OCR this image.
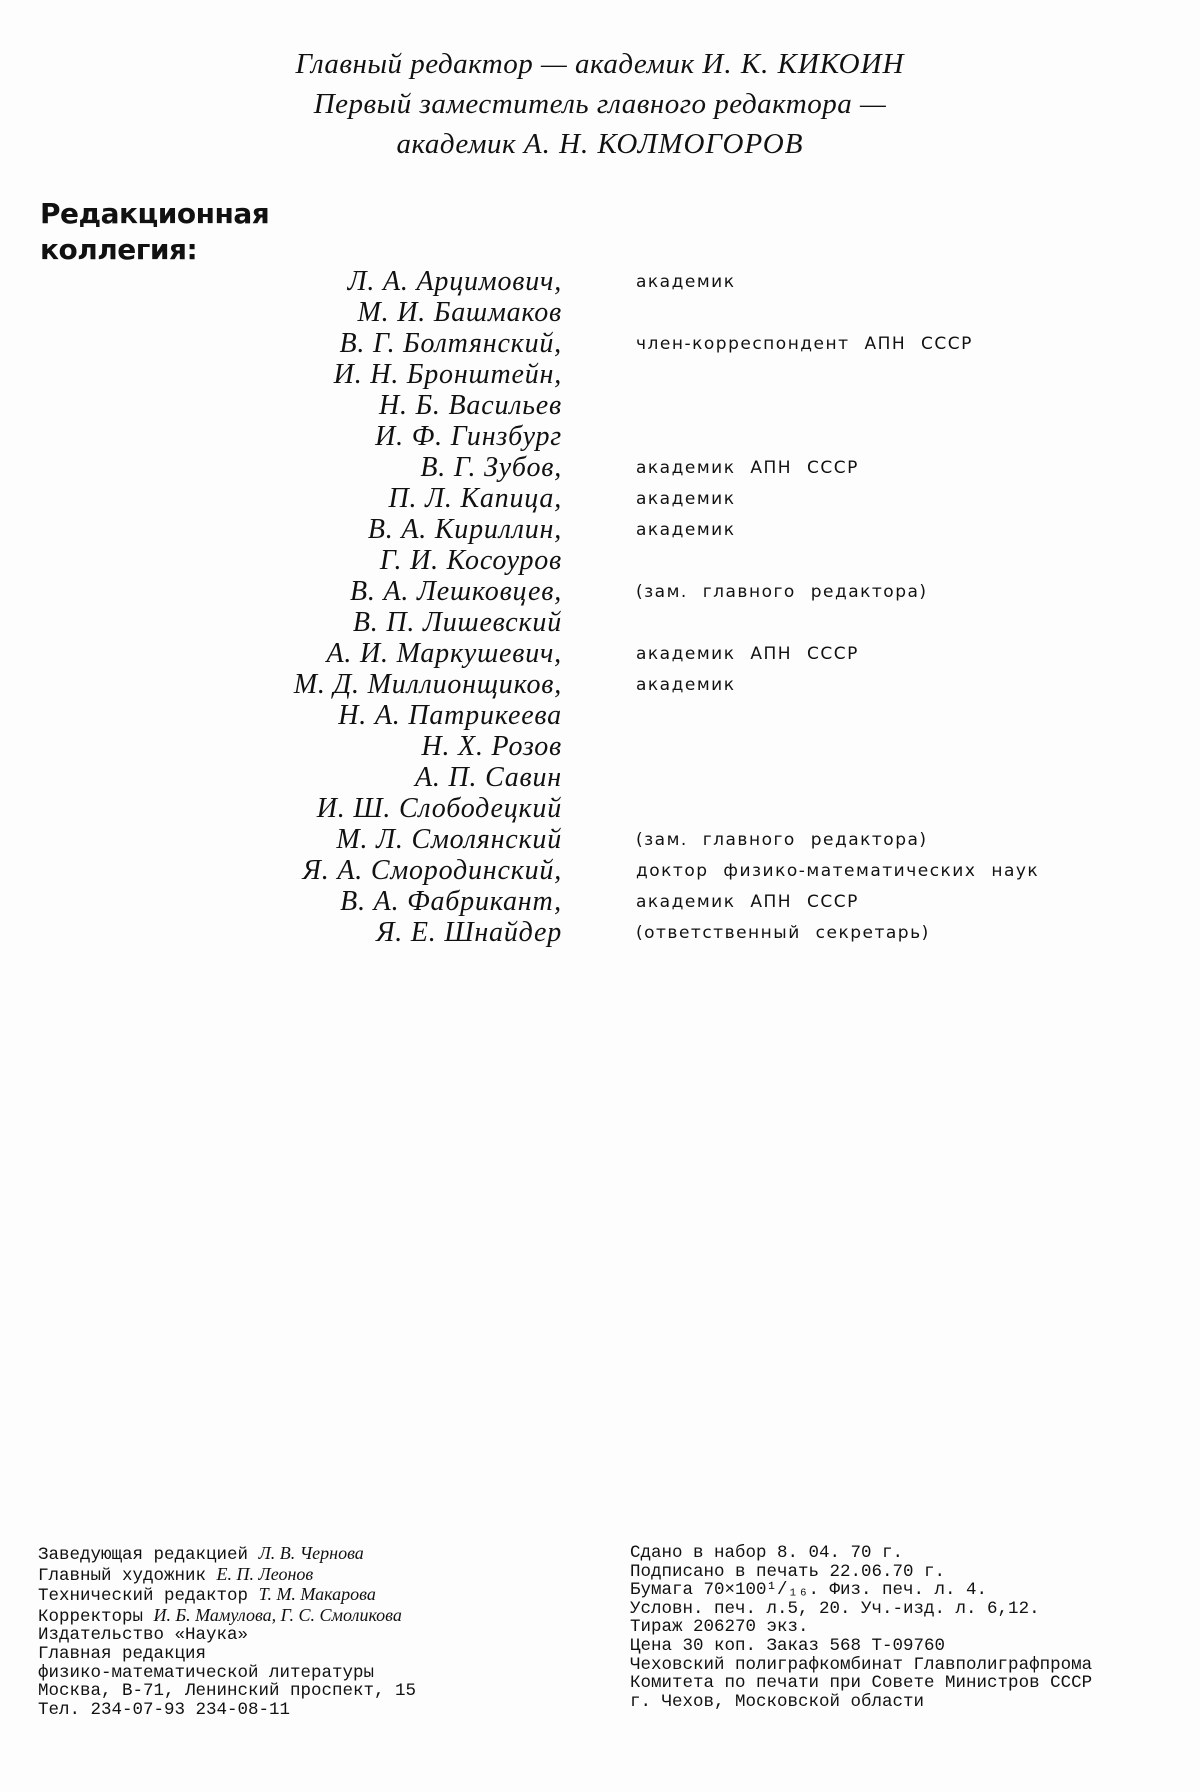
Главный редактор — академик И. К. КИКОИН
Первый заместитель главного редактора —
академик А. Н. КОЛМОГОРОВ
Редакционная
коллегия:
Л. А. Арцимович,	академик
М. И. Башмаков
В. Г. Болтянский,	член-корреспондент АПН СССР
И. Н. Бронштейн,
Н. Б. Васильев
И. Ф. Гинзбург
В. Г. Зубов,	академик АПН СССР
П. Л. Капица,	академик
В. А. Кириллин,	академик
Г. И. Косоуров
В. А. Лешковцев,	(зам. главного редактора)
В. П. Лишевский
А. И. Маркушевич,	академик АПН СССР
М. Д. Миллионщиков,	академик
Н. А. Патрикеева
Н. Х. Розов
А. П. Савин
И. Ш. Слободецкий
М. Л. Смолянский	(зам. главного редактора)
Я. А. Смородинский,	доктор физико-математических наук
В. А. Фабрикант,	академик АПН СССР
Я. Е. Шнайдер	(ответственный секретарь)
Заведующая редакцией Л. В. Чернова
Главный художник Е. П. Леонов
Технический редактор Т. М. Макарова
Корректоры И. Б. Мамулова, Г. С. Смоликова
Издательство «Наука»
Главная редакция
физико-математической литературы
Москва, В-71, Ленинский проспект, 15
Тел. 234-07-93 234-08-11
Сдано в набор 8. 04. 70 г.
Подписано в печать 22.06.70 г.
Бумага 70×100¹/₁₆. Физ. печ. л. 4.
Условн. печ. л.5, 20. Уч.-изд. л. 6,12.
Тираж 206270 экз.
Цена 30 коп. Заказ 568 Т-09760
Чеховский полиграфкомбинат Главполиграфпрома
Комитета по печати при Совете Министров СССР
г. Чехов, Московской области
